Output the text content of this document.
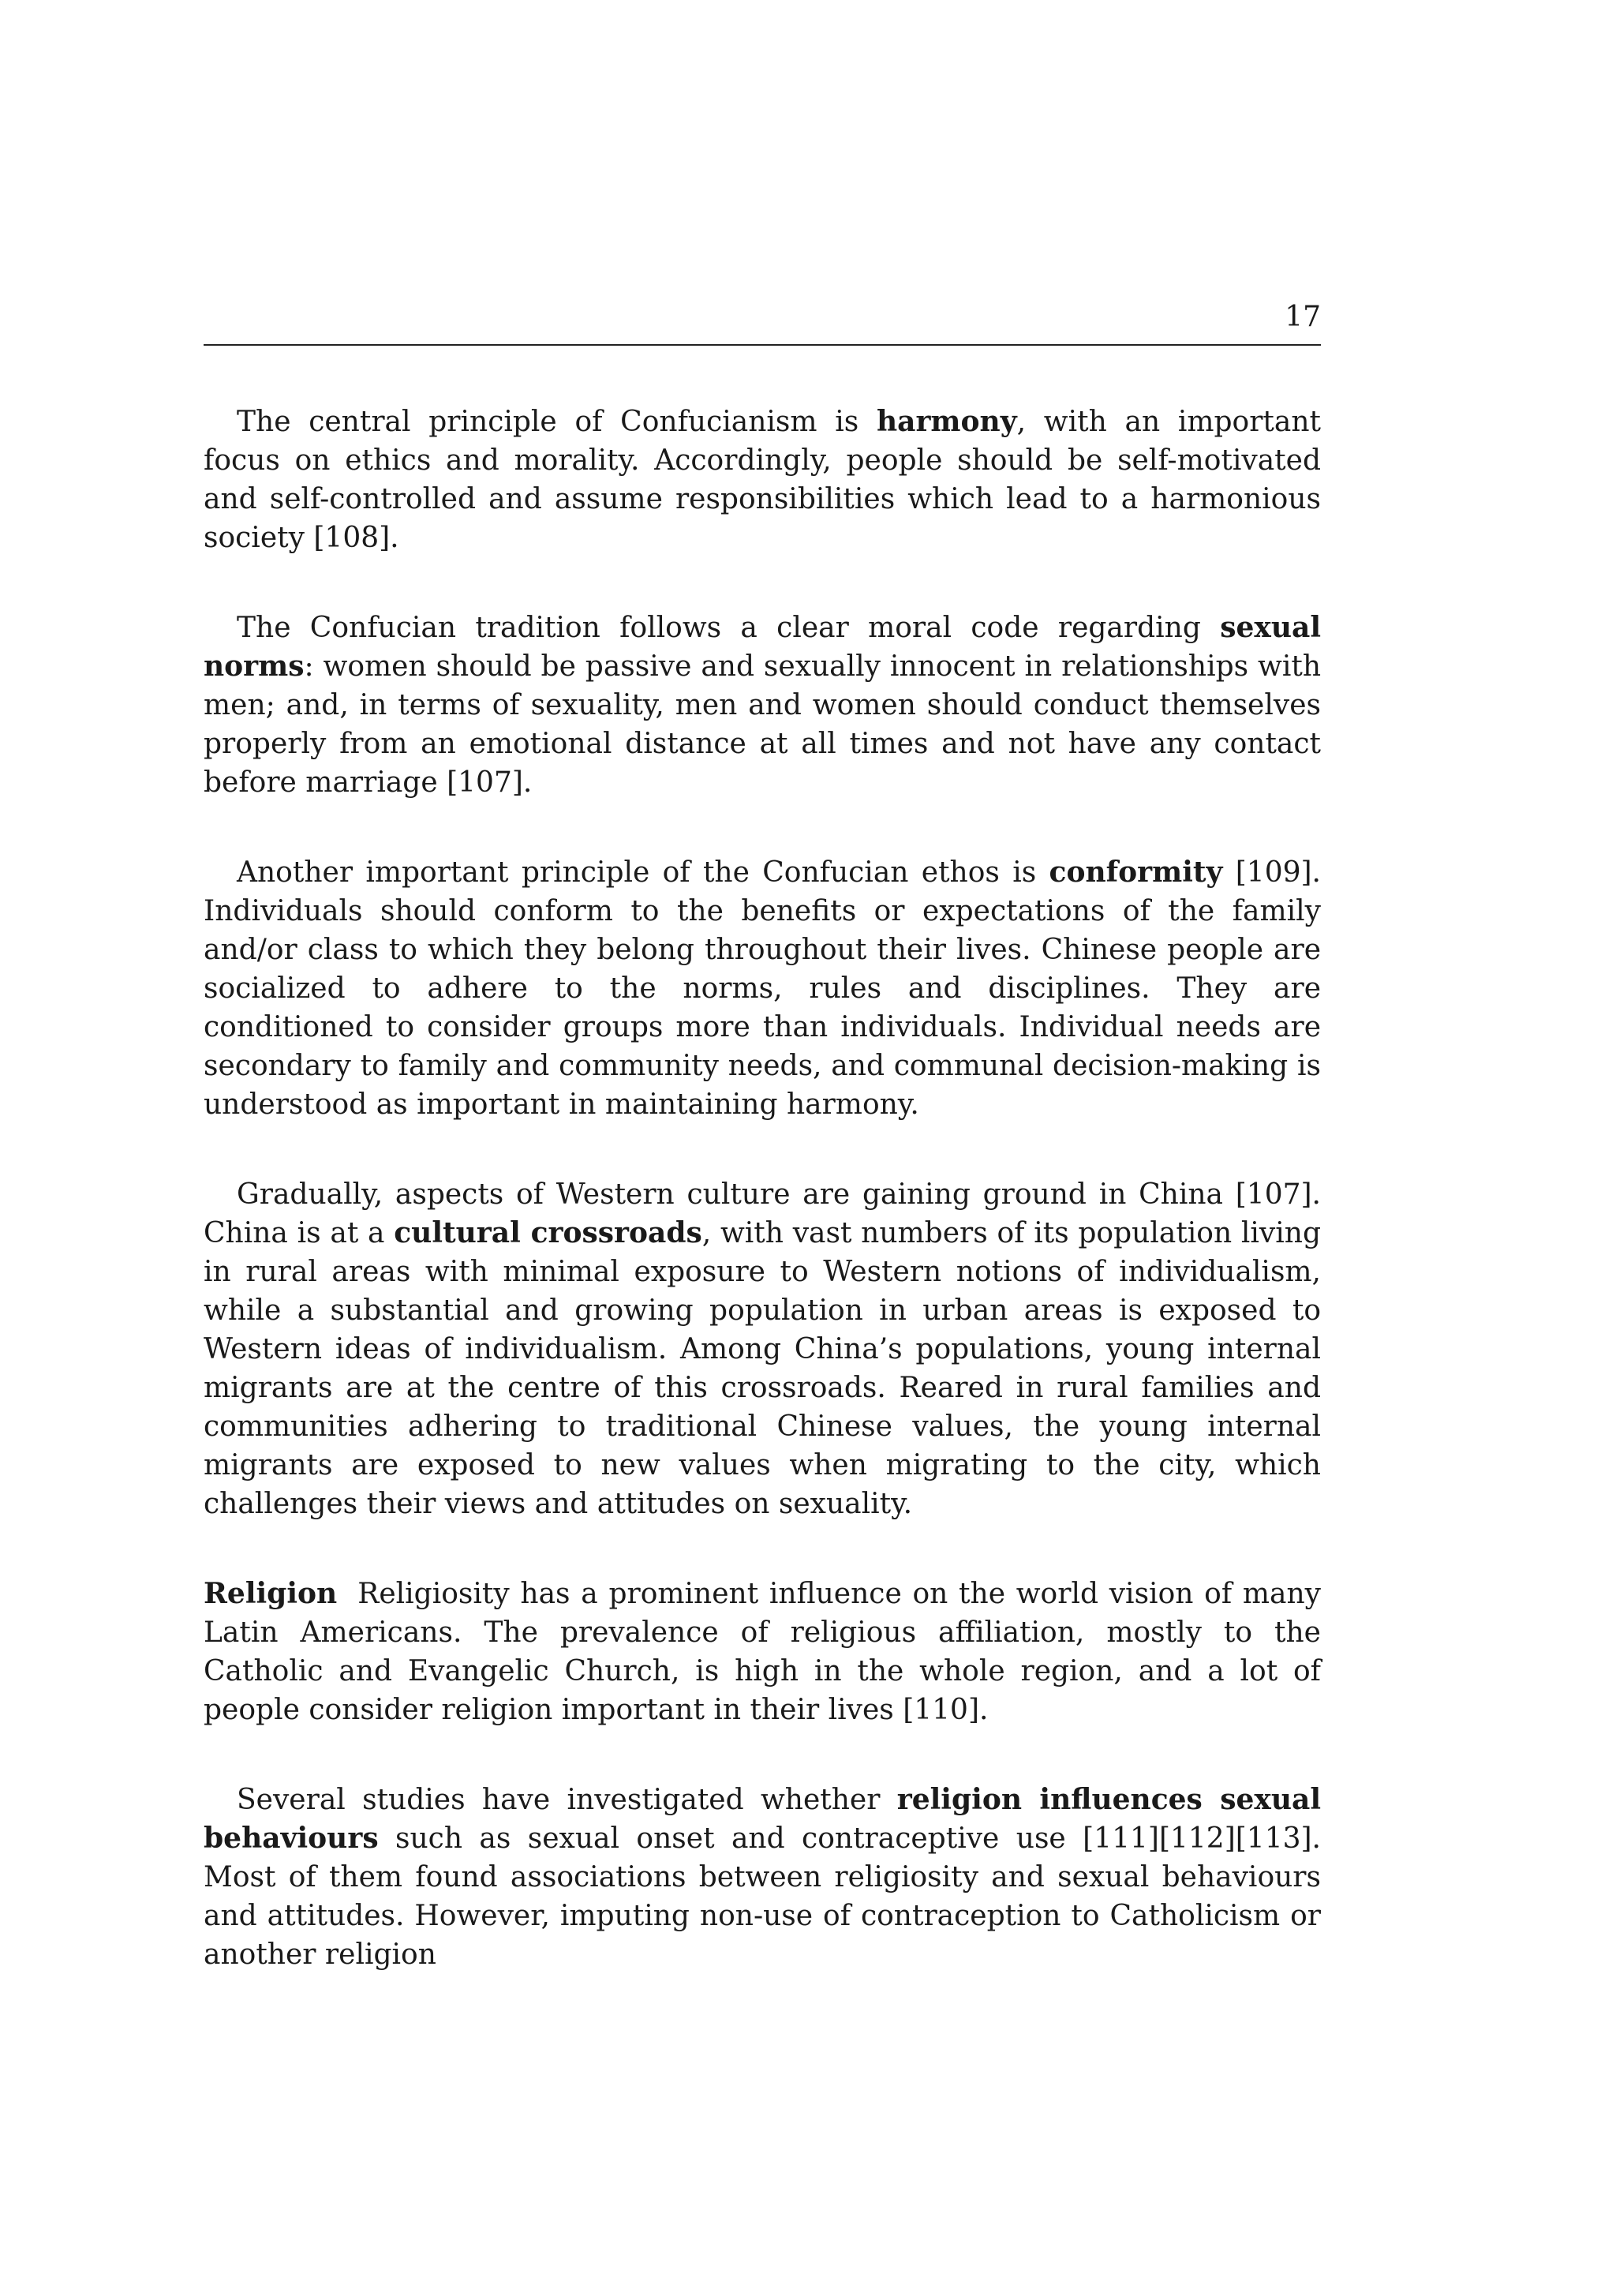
17

The central principle of Confucianism is harmony, with an important focus on ethics and morality. Accordingly, people should be self-motivated and self-controlled and assume responsibilities which lead to a harmonious society [108].

The Confucian tradition follows a clear moral code regarding sexual norms: women should be passive and sexually innocent in relationships with men; and, in terms of sexuality, men and women should conduct themselves properly from an emotional distance at all times and not have any contact before marriage [107].

Another important principle of the Confucian ethos is conformity [109]. Individuals should conform to the benefits or expectations of the family and/or class to which they belong throughout their lives. Chinese people are socialized to adhere to the norms, rules and disciplines. They are conditioned to consider groups more than individuals. Individual needs are secondary to family and community needs, and communal decision-making is understood as important in maintaining harmony.

Gradually, aspects of Western culture are gaining ground in China [107]. China is at a cultural crossroads, with vast numbers of its population living in rural areas with minimal exposure to Western notions of individualism, while a substantial and growing population in urban areas is exposed to Western ideas of individualism. Among China’s populations, young internal migrants are at the centre of this crossroads. Reared in rural families and communities adhering to traditional Chinese values, the young internal migrants are exposed to new values when migrating to the city, which challenges their views and attitudes on sexuality.

Religion Religiosity has a prominent influence on the world vision of many Latin Americans. The prevalence of religious affiliation, mostly to the Catholic and Evangelic Church, is high in the whole region, and a lot of people consider religion important in their lives [110].

Several studies have investigated whether religion influences sexual behaviours such as sexual onset and contraceptive use [111][112][113]. Most of them found associations between religiosity and sexual behaviours and attitudes. However, imputing non-use of contraception to Catholicism or another religion
